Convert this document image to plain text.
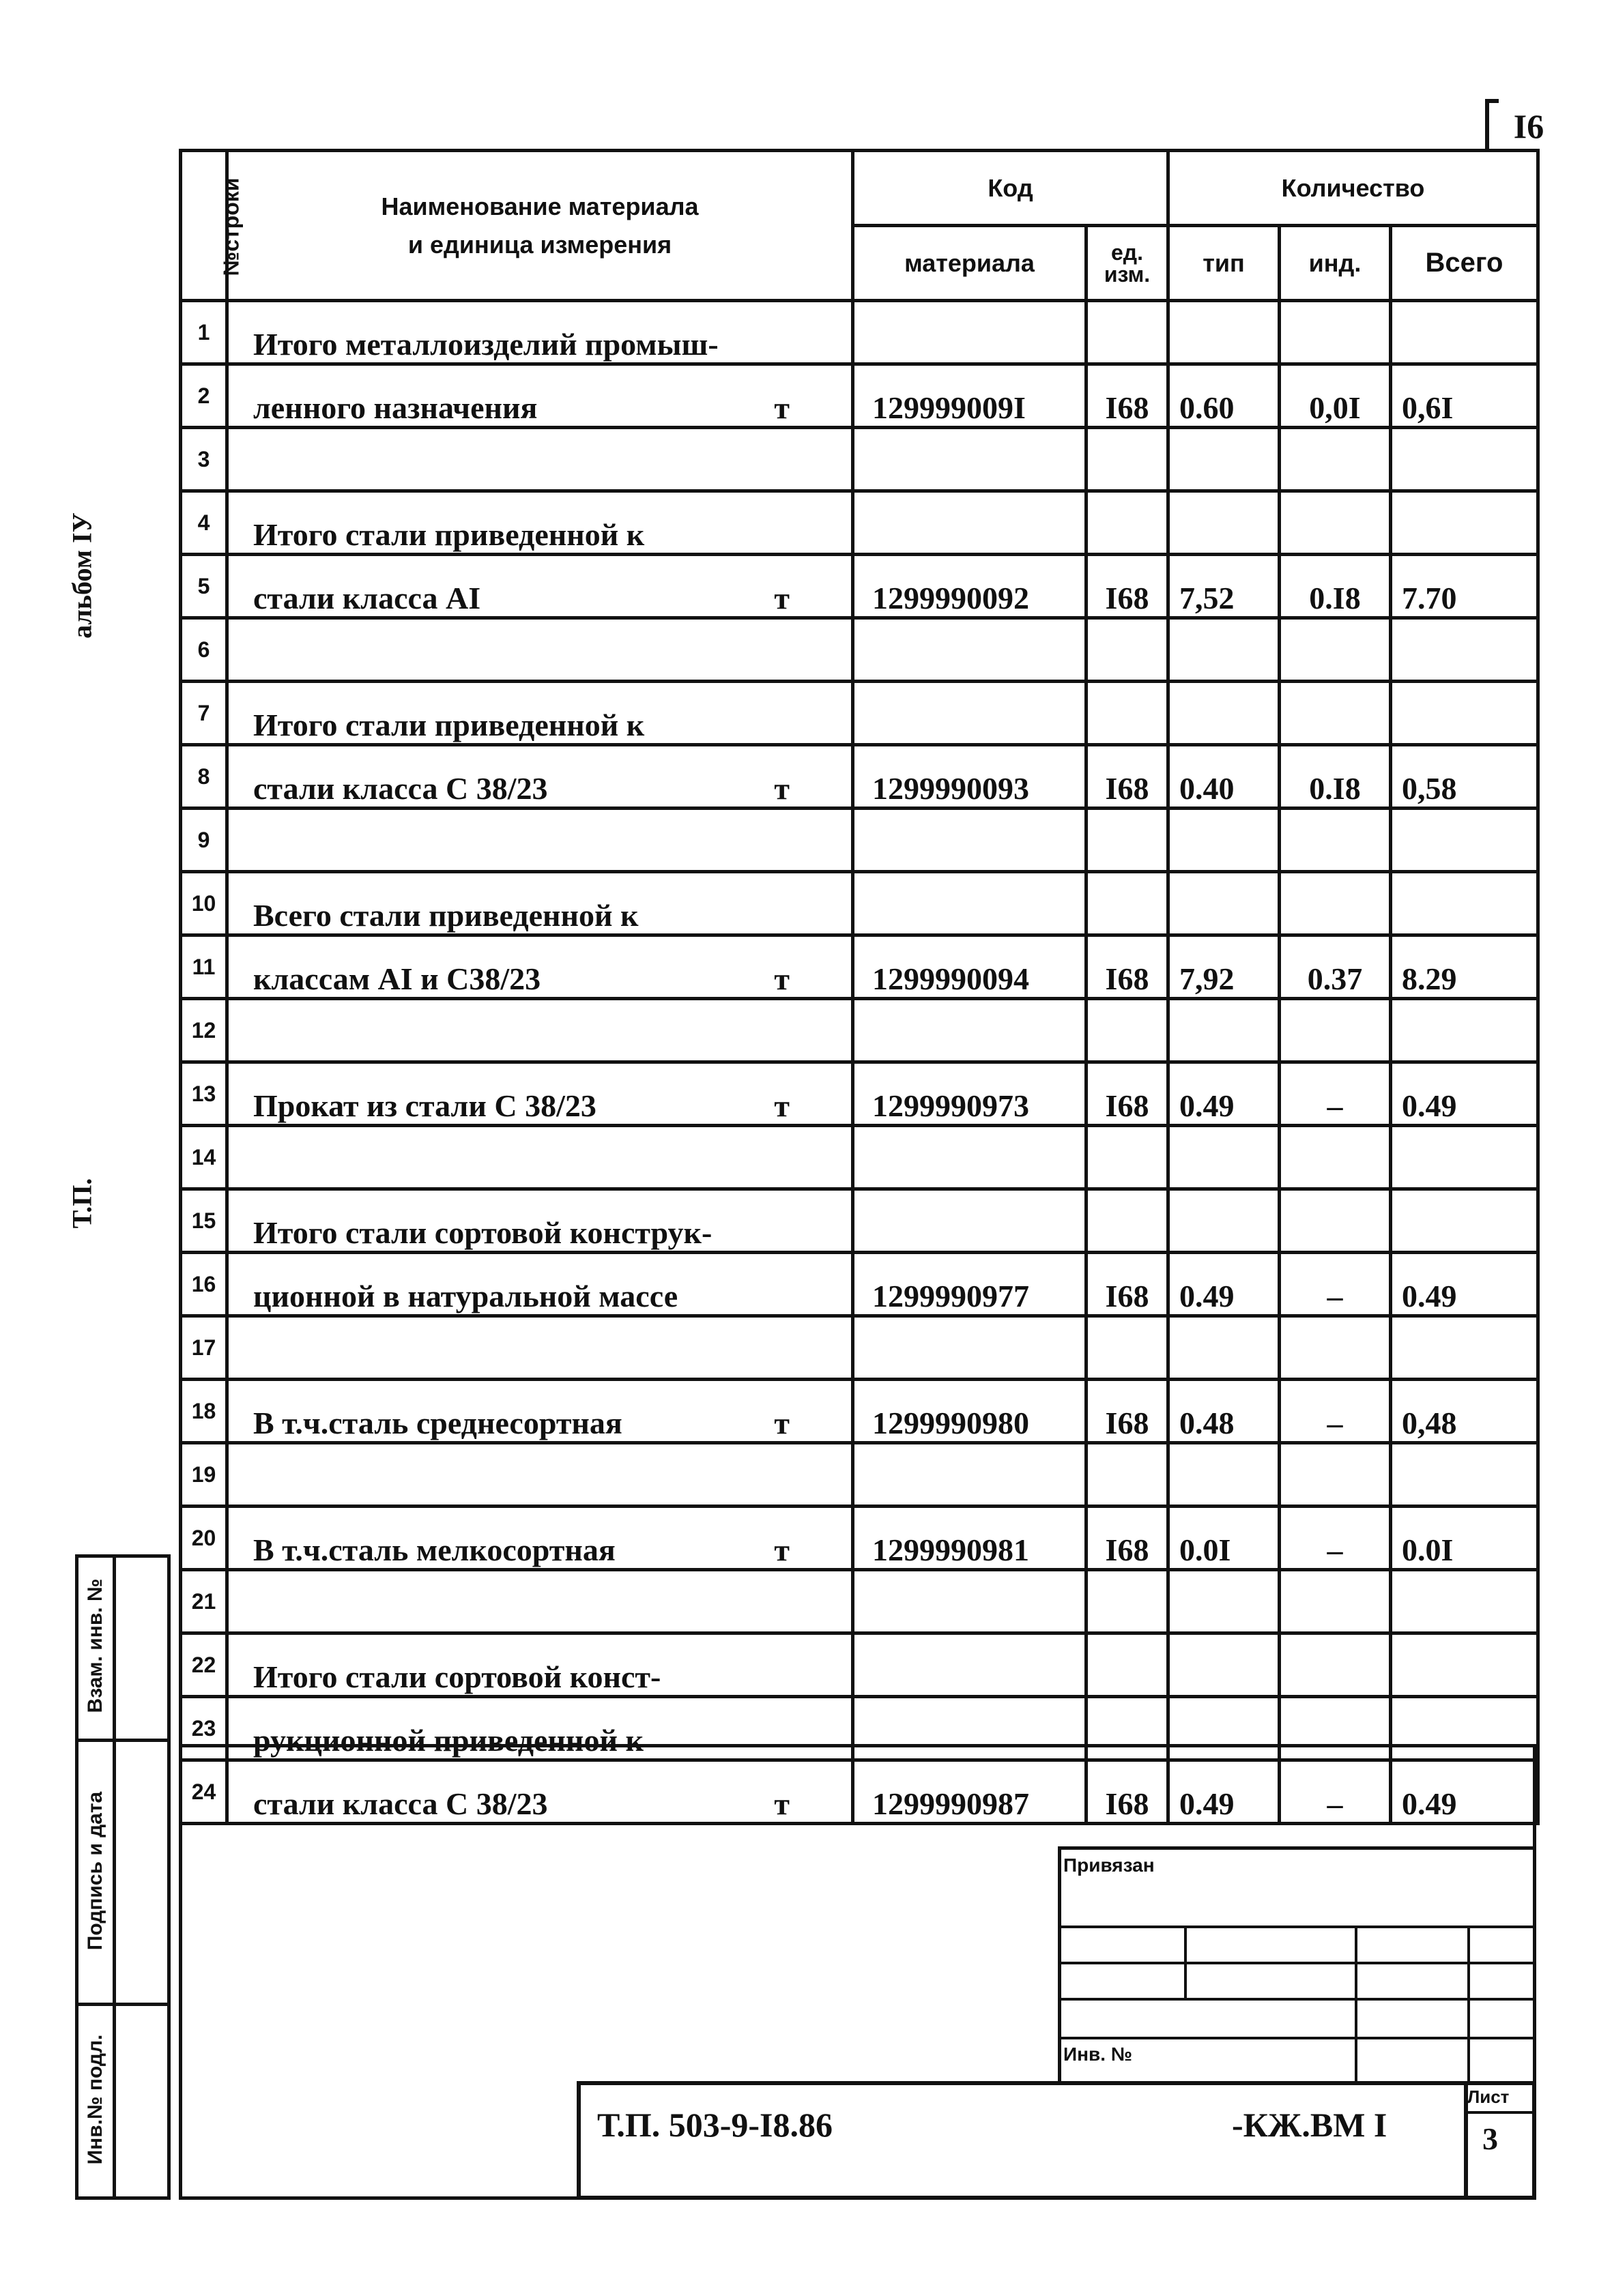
I6
альбом IУ
Т.П.
№строки	Наименование материала
и единица измерения	Код		Количество		
		материала	ед. изм.	тип	инд.	Всего
1	Итого металлоизделий промыш-

2	ленного назначения т	129999009I	I68	0.60	0,0I	0,6I
3	

4	Итого стали приведенной к

5	стали класса АI т	1299990092	I68	7,52	0.I8	7.70
6	

7	Итого стали приведенной к

8	стали класса С 38/23 т	1299990093	I68	0.40	0.I8	0,58
9	

10	Всего стали приведенной к

11	классам АI и С38/23 т	1299990094	I68	7,92	0.37	8.29
12	

13	Прокат из стали С 38/23 т	1299990973	I68	0.49	–	0.49
14	

15	Итого стали сортовой конструк-

16	ционной в натуральной массе	1299990977	I68	0.49	–	0.49
17	

18	В т.ч.сталь среднесортная т	1299990980	I68	0.48	–	0,48
19	

20	В т.ч.сталь мелкосортная т	1299990981	I68	0.0I	–	0.0I
21	

22	Итого стали сортовой конст-

23	рукционной приведенной к

24	стали класса С 38/23 т	1299990987	I68	0.49	–	0.49
Взам. инв. №
Подпись и дата
Инв.№ подл.
Привязан
Инв. №
Т.П. 503-9-I8.86	-КЖ.ВМ I
Лист
3
